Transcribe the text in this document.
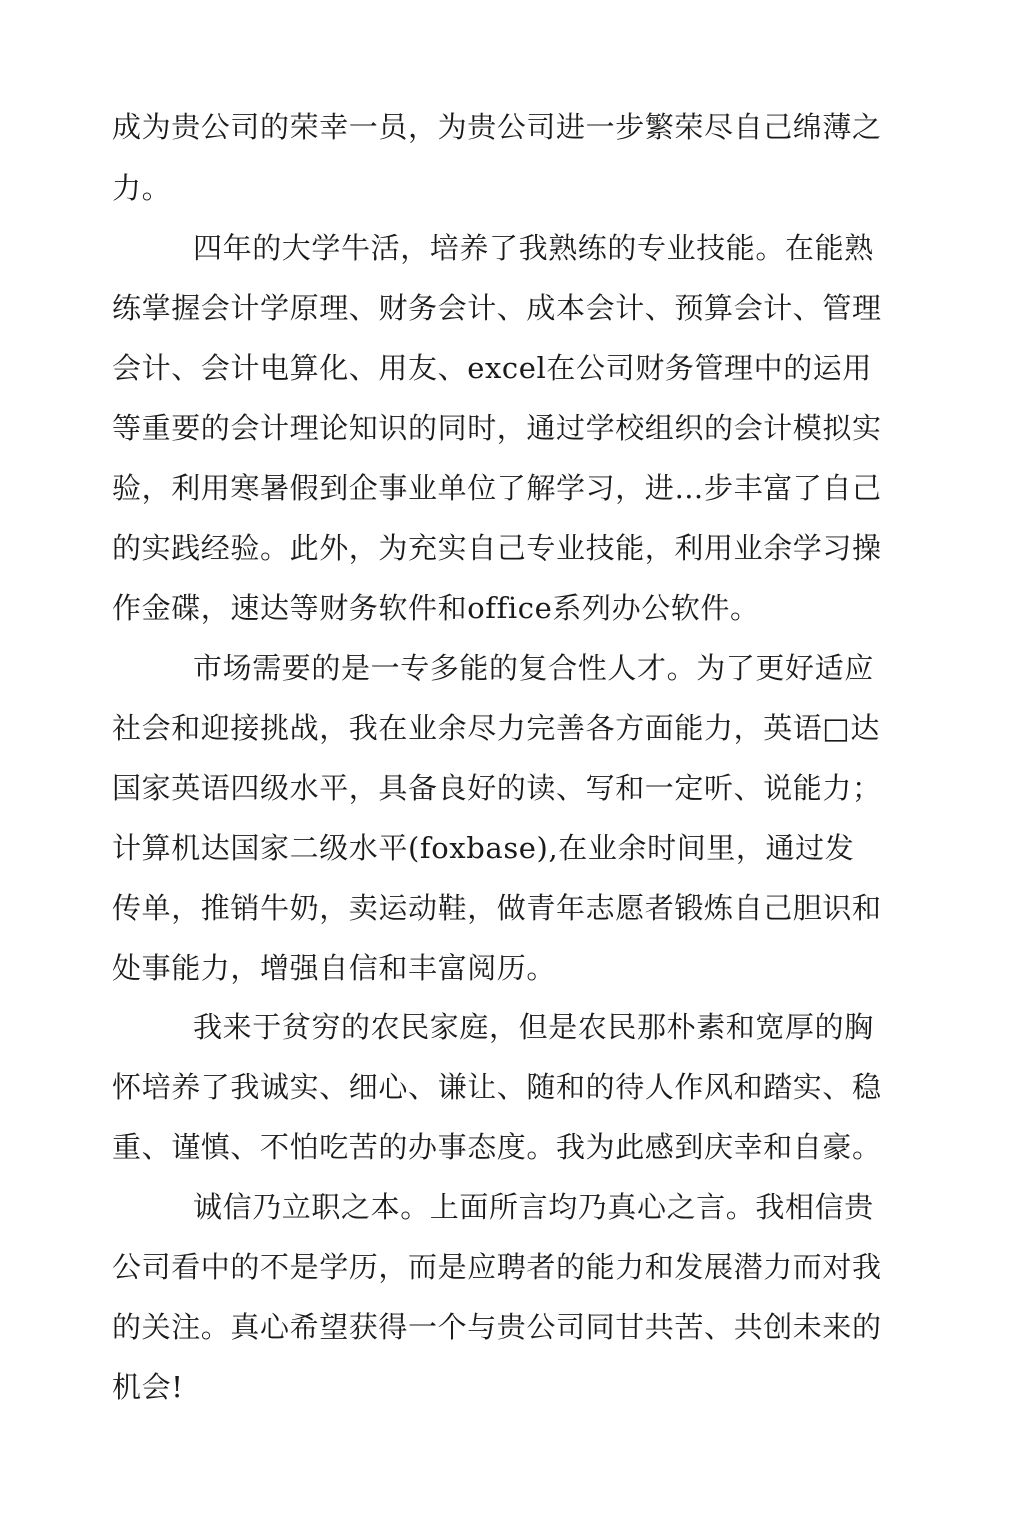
成为贵公司的荣幸一员，为贵公司进一步繁荣尽自己绵薄之
力。
四年的大学牛活，培养了我熟练的专业技能。在能熟
练掌握会计学原理、财务会计、成本会计、预算会计、管理
会计、会计电算化、用友、excel在公司财务管理中的运用
等重要的会计理论知识的同时，通过学校组织的会计模拟实
验，利用寒暑假到企事业单位了解学习，进…步丰富了自己
的实践经验。此外，为充实自己专业技能，利用业余学习操
作金碟，速达等财务软件和office系列办公软件。
市场需要的是一专多能的复合性人才。为了更好适应
社会和迎接挑战，我在业余尽力完善各方面能力，英语□达
国家英语四级水平，具备良好的读、写和一定听、说能力；
计算机达国家二级水平(foxbase),在业余时间里，通过发
传单，推销牛奶，卖运动鞋，做青年志愿者锻炼自己胆识和
处事能力，增强自信和丰富阅历。
我来于贫穷的农民家庭，但是农民那朴素和宽厚的胸
怀培养了我诚实、细心、谦让、随和的待人作风和踏实、稳
重、谨慎、不怕吃苦的办事态度。我为此感到庆幸和自豪。
诚信乃立职之本。上面所言均乃真心之言。我相信贵
公司看中的不是学历，而是应聘者的能力和发展潜力而对我
的关注。真心希望获得一个与贵公司同甘共苦、共创未来的
机会!
